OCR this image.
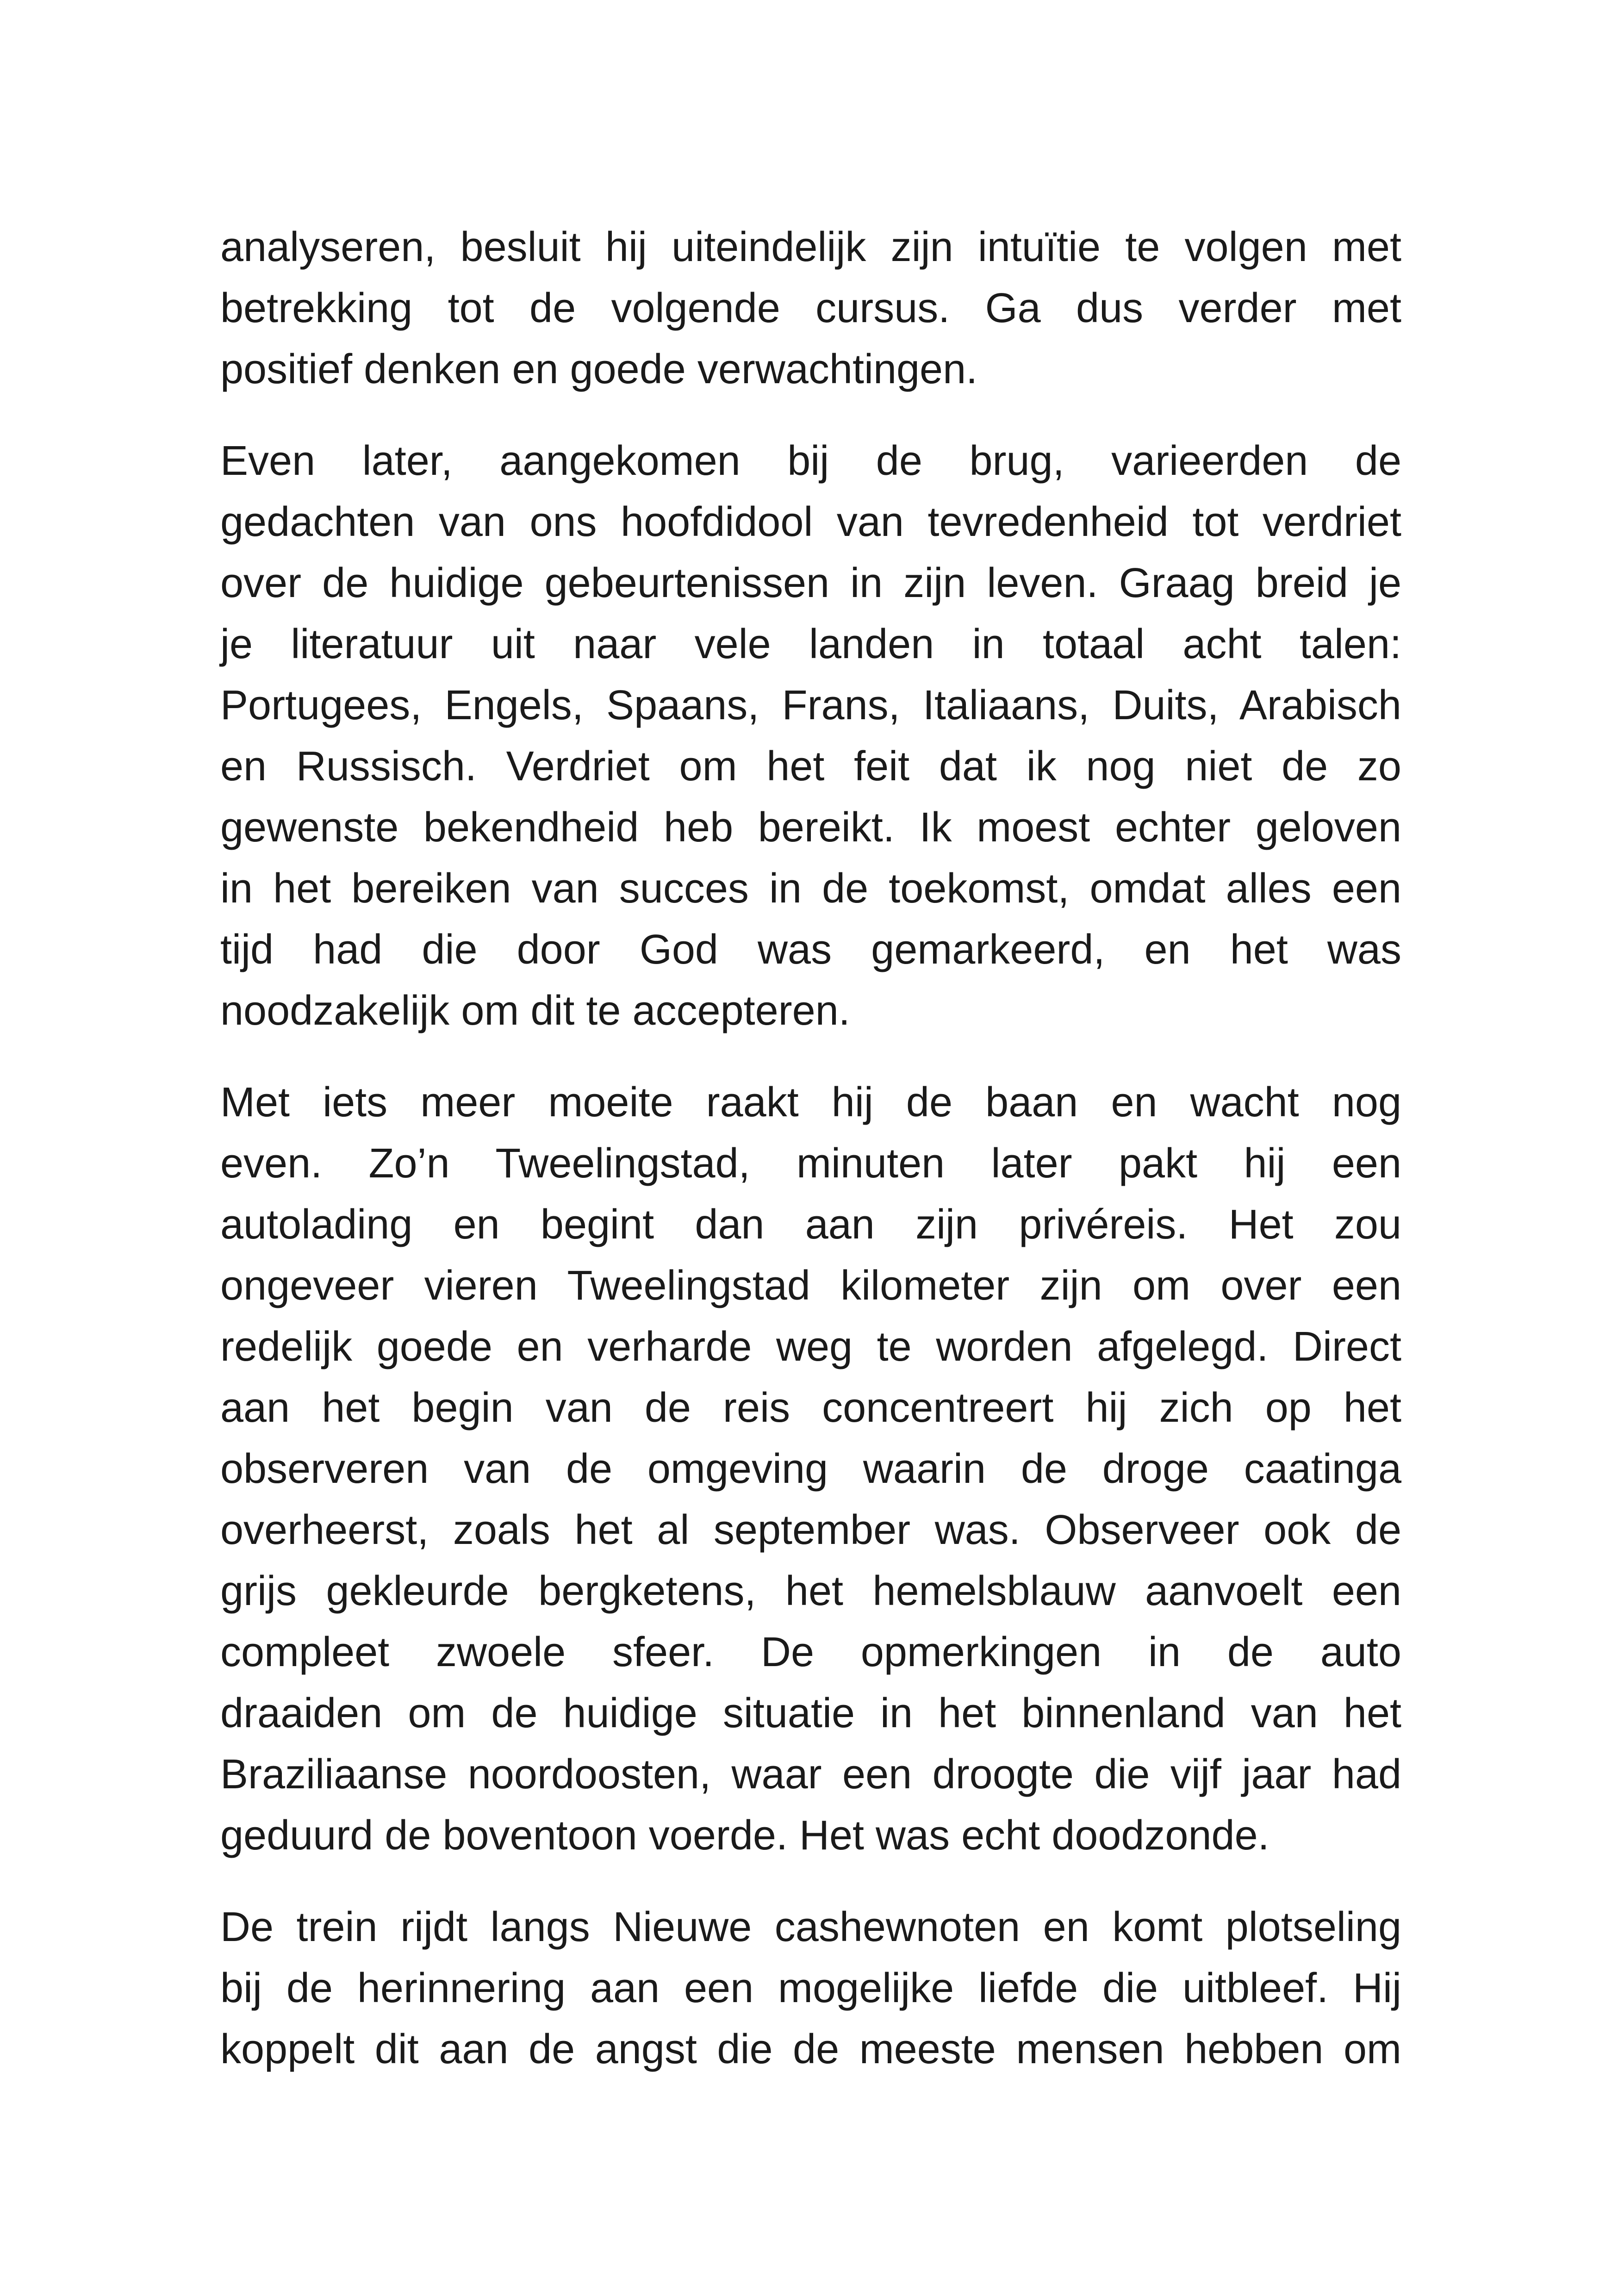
analyseren, besluit hij uiteindelijk zijn intuïtie te volgen met
betrekking tot de volgende cursus. Ga dus verder met
positief denken en goede verwachtingen.

Even later, aangekomen bij de brug, varieerden de
gedachten van ons hoofdidool van tevredenheid tot verdriet
over de huidige gebeurtenissen in zijn leven. Graag breid je
je literatuur uit naar vele landen in totaal acht talen:
Portugees, Engels, Spaans, Frans, Italiaans, Duits, Arabisch
en Russisch. Verdriet om het feit dat ik nog niet de zo
gewenste bekendheid heb bereikt. Ik moest echter geloven
in het bereiken van succes in de toekomst, omdat alles een
tijd had die door God was gemarkeerd, en het was
noodzakelijk om dit te accepteren.

Met iets meer moeite raakt hij de baan en wacht nog
even. Zo’n Tweelingstad, minuten later pakt hij een
autolading en begint dan aan zijn privéreis. Het zou
ongeveer vieren Tweelingstad kilometer zijn om over een
redelijk goede en verharde weg te worden afgelegd. Direct
aan het begin van de reis concentreert hij zich op het
observeren van de omgeving waarin de droge caatinga
overheerst, zoals het al september was. Observeer ook de
grijs gekleurde bergketens, het hemelsblauw aanvoelt een
compleet zwoele sfeer. De opmerkingen in de auto
draaiden om de huidige situatie in het binnenland van het
Braziliaanse noordoosten, waar een droogte die vijf jaar had
geduurd de boventoon voerde. Het was echt doodzonde.

De trein rijdt langs Nieuwe cashewnoten en komt plotseling
bij de herinnering aan een mogelijke liefde die uitbleef. Hij
koppelt dit aan de angst die de meeste mensen hebben om
